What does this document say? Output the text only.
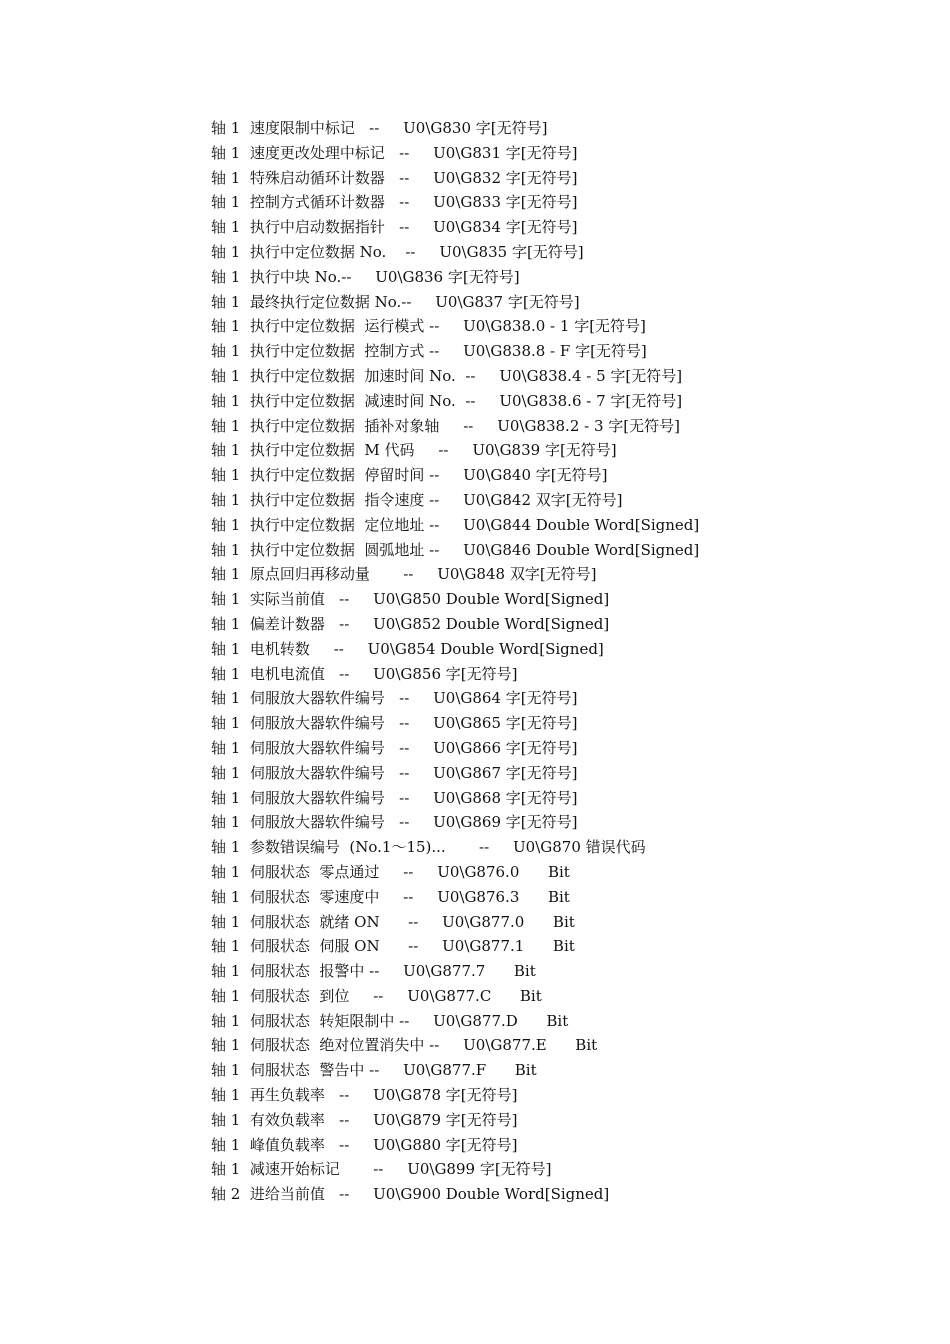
轴 1  速度限制中标记   --     U0\G830 字[无符号]
轴 1  速度更改处理中标记   --     U0\G831 字[无符号]
轴 1  特殊启动循环计数器   --     U0\G832 字[无符号]
轴 1  控制方式循环计数器   --     U0\G833 字[无符号]
轴 1  执行中启动数据指针   --     U0\G834 字[无符号]
轴 1  执行中定位数据 No.    --     U0\G835 字[无符号]
轴 1  执行中块 No.--     U0\G836 字[无符号]
轴 1  最终执行定位数据 No.--     U0\G837 字[无符号]
轴 1  执行中定位数据  运行模式 --     U0\G838.0 - 1 字[无符号]
轴 1  执行中定位数据  控制方式 --     U0\G838.8 - F 字[无符号]
轴 1  执行中定位数据  加速时间 No.  --     U0\G838.4 - 5 字[无符号]
轴 1  执行中定位数据  减速时间 No.  --     U0\G838.6 - 7 字[无符号]
轴 1  执行中定位数据  插补对象轴     --     U0\G838.2 - 3 字[无符号]
轴 1  执行中定位数据  M 代码     --     U0\G839 字[无符号]
轴 1  执行中定位数据  停留时间 --     U0\G840 字[无符号]
轴 1  执行中定位数据  指令速度 --     U0\G842 双字[无符号]
轴 1  执行中定位数据  定位地址 --     U0\G844 Double Word[Signed]
轴 1  执行中定位数据  圆弧地址 --     U0\G846 Double Word[Signed]
轴 1  原点回归再移动量       --     U0\G848 双字[无符号]
轴 1  实际当前值   --     U0\G850 Double Word[Signed]
轴 1  偏差计数器   --     U0\G852 Double Word[Signed]
轴 1  电机转数     --     U0\G854 Double Word[Signed]
轴 1  电机电流值   --     U0\G856 字[无符号]
轴 1  伺服放大器软件编号   --     U0\G864 字[无符号]
轴 1  伺服放大器软件编号   --     U0\G865 字[无符号]
轴 1  伺服放大器软件编号   --     U0\G866 字[无符号]
轴 1  伺服放大器软件编号   --     U0\G867 字[无符号]
轴 1  伺服放大器软件编号   --     U0\G868 字[无符号]
轴 1  伺服放大器软件编号   --     U0\G869 字[无符号]
轴 1  参数错误编号  (No.1～15)...       --     U0\G870 错误代码
轴 1  伺服状态  零点通过     --     U0\G876.0      Bit
轴 1  伺服状态  零速度中     --     U0\G876.3      Bit
轴 1  伺服状态  就绪 ON      --     U0\G877.0      Bit
轴 1  伺服状态  伺服 ON      --     U0\G877.1      Bit
轴 1  伺服状态  报警中 --     U0\G877.7      Bit
轴 1  伺服状态  到位     --     U0\G877.C      Bit
轴 1  伺服状态  转矩限制中 --     U0\G877.D      Bit
轴 1  伺服状态  绝对位置消失中 --     U0\G877.E      Bit
轴 1  伺服状态  警告中 --     U0\G877.F      Bit
轴 1  再生负载率   --     U0\G878 字[无符号]
轴 1  有效负载率   --     U0\G879 字[无符号]
轴 1  峰值负载率   --     U0\G880 字[无符号]
轴 1  减速开始标记       --     U0\G899 字[无符号]
轴 2  进给当前值   --     U0\G900 Double Word[Signed]
